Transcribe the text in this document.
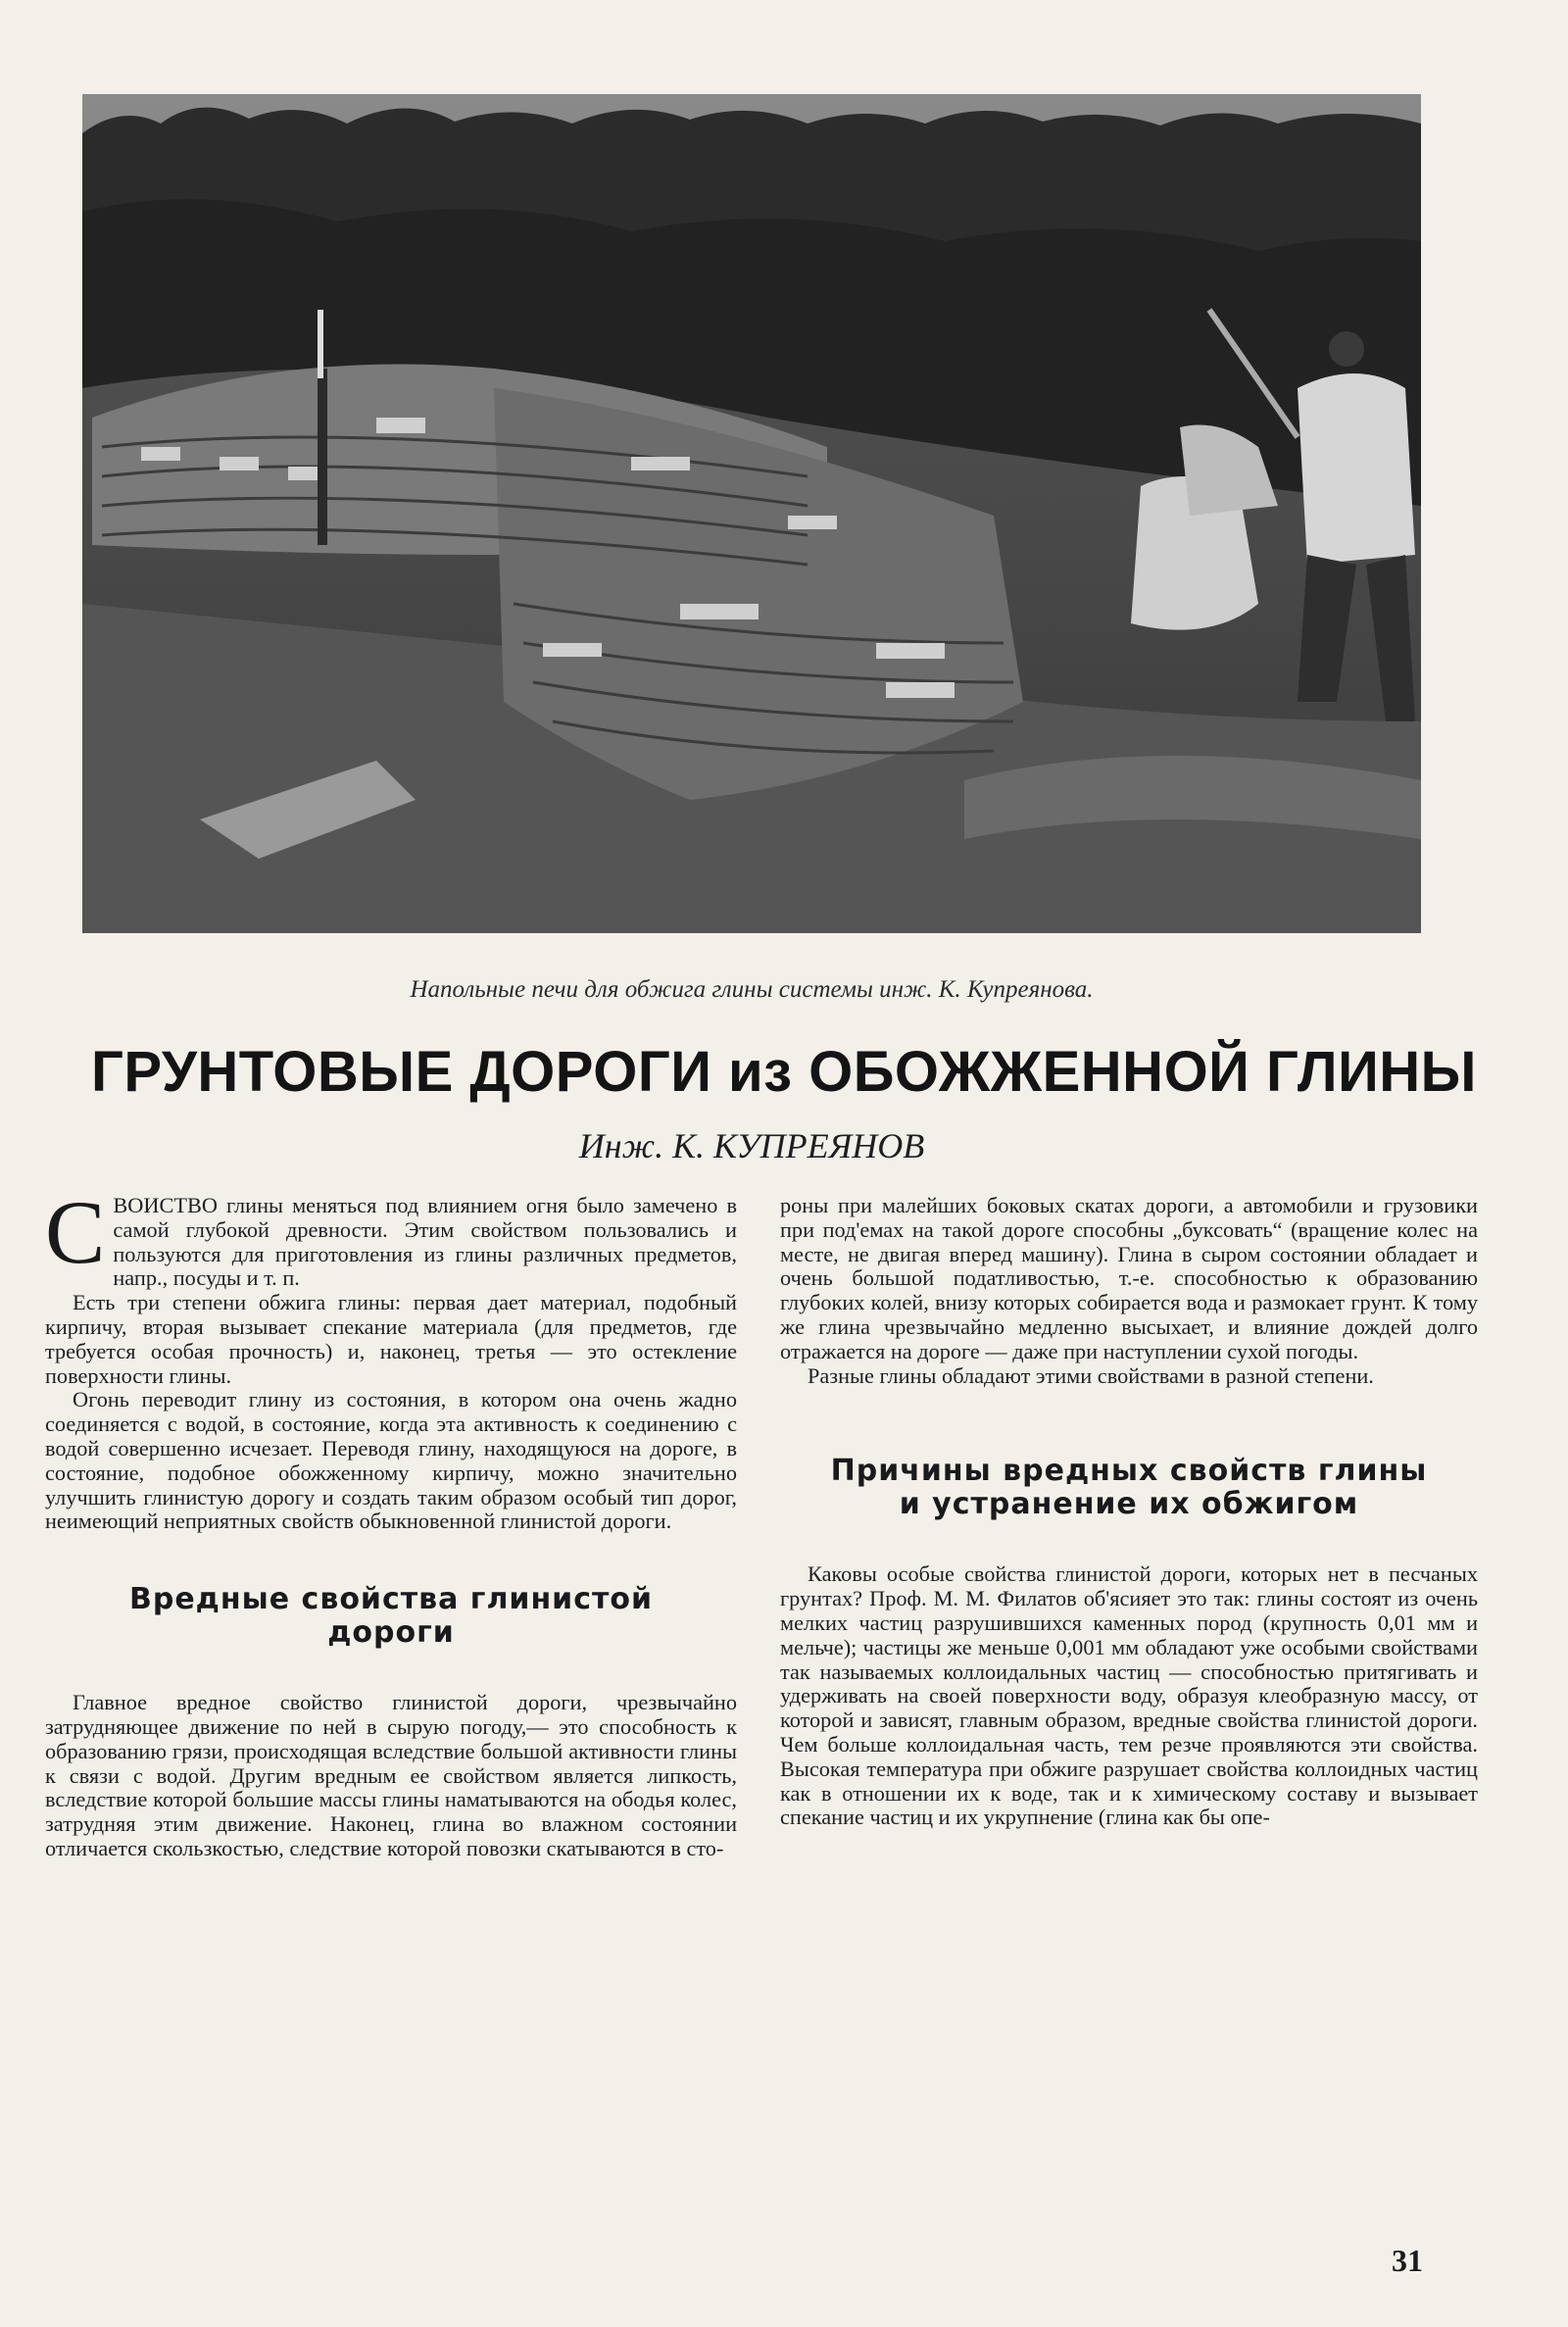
Напольные печи для обжига глины системы инж. К. Купреянова.
ГРУНТОВЫЕ ДОРОГИ из ОБОЖЖЕННОЙ ГЛИНЫ
Инж. К. КУПРЕЯНОВ

СВОИСТВО глины меняться под влиянием огня было замечено в самой глубокой древности. Этим свойством пользовались и пользуются для приготовления из глины различных предметов, напр., посуды и т. п.

Есть три степени обжига глины: первая дает материал, подобный кирпичу, вторая вызывает спекание материала (для предметов, где требуется особая прочность) и, наконец, третья — это остекление поверхности глины.

Огонь переводит глину из состояния, в котором она очень жадно соединяется с водой, в состояние, когда эта активность к соединению с водой совершенно исчезает. Переводя глину, находящуюся на дороге, в состояние, подобное обожженному кирпичу, можно значительно улучшить глинистую дорогу и создать таким образом особый тип дорог, неимеющий неприятных свойств обыкновенной глинистой дороги.

Вредные свойства глинистой
дороги

Главное вредное свойство глинистой дороги, чрезвычайно затрудняющее движение по ней в сырую погоду,— это способность к образованию грязи, происходящая вследствие большой активности глины к связи с водой. Другим вредным ее свойством является липкость, вследствие которой большие массы глины наматываются на ободья колес, затрудняя этим движение. Наконец, глина во влажном состоянии отличается скользкостью, следствие которой повозки скатываются в сто-

роны при малейших боковых скатах дороги, а автомобили и грузовики при под'емах на такой дороге способны „буксовать“ (вращение колес на месте, не двигая вперед машину). Глина в сыром состоянии обладает и очень большой податливостью, т.-е. способностью к образованию глубоких колей, внизу которых собирается вода и размокает грунт. К тому же глина чрезвычайно медленно высыхает, и влияние дождей долго отражается на дороге — даже при наступлении сухой погоды.

Разные глины обладают этими свойствами в разной степени.

Причины вредных свойств глины
и устранение их обжигом

Каковы особые свойства глинистой дороги, которых нет в песчаных грунтах? Проф. М. М. Филатов об'ясияет это так: глины состоят из очень мелких частиц разрушившихся каменных пород (крупность 0,01 мм и мельче); частицы же меньше 0,001 мм обладают уже особыми свойствами так называемых коллоидальных частиц — способностью притягивать и удерживать на своей поверхности воду, образуя клеобразную массу, от которой и зависят, главным образом, вредные свойства глинистой дороги. Чем больше коллоидальная часть, тем резче проявляются эти свойства. Высокая температура при обжиге разрушает свойства коллоидных частиц как в отношении их к воде, так и к химическому составу и вызывает спекание частиц и их укрупнение (глина как бы опе-

31
